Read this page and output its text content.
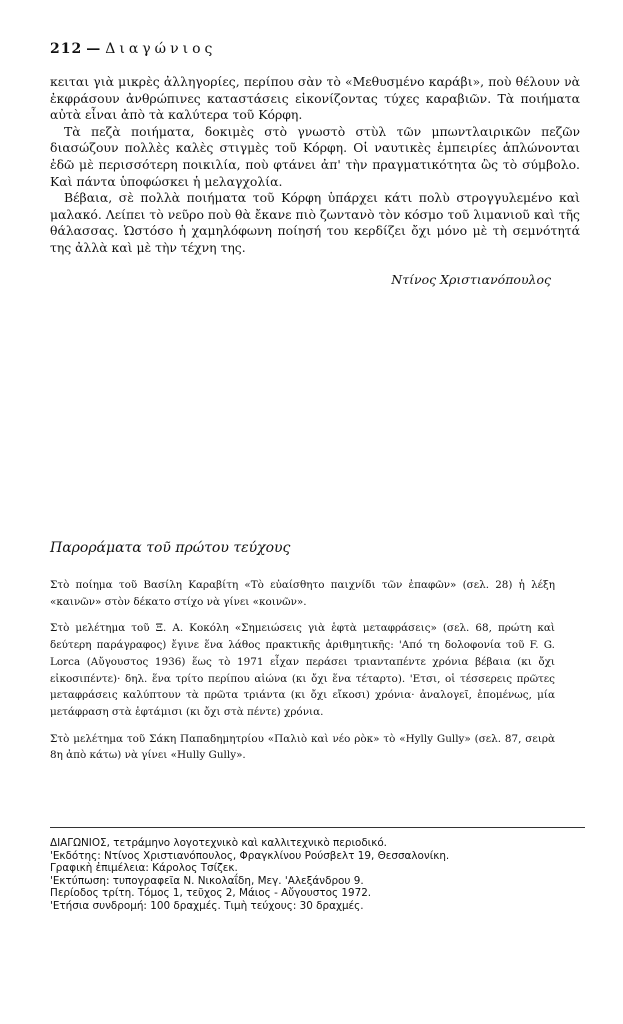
212 — Διαγώνιος

κειται γιὰ μικρὲς ἀλληγορίες, περίπου σὰν τὸ «Μεθυσμένο καράβι», ποὺ θέλουν νὰ ἐκφράσουν ἀνθρώπινες καταστάσεις εἰκονίζοντας τύχες καραβιῶν. Τὰ ποιήματα αὐτὰ εἶναι ἀπὸ τὰ καλύτερα τοῦ Κόρφη.

Τὰ πεζὰ ποιήματα, δοκιμὲς στὸ γνωστὸ στὺλ τῶν μπωντλαιρικῶν πεζῶν διασώζουν πολλὲς καλὲς στιγμὲς τοῦ Κόρφη. Οἱ ναυτικὲς ἐμπειρίες ἁπλώνονται ἐδῶ μὲ περισσότερη ποικιλία, ποὺ φτάνει ἀπ' τὴν πραγματικότητα ὣς τὸ σύμβολο. Καὶ πάντα ὑποφώσκει ἡ μελαγχολία.

Βέβαια, σὲ πολλὰ ποιήματα τοῦ Κόρφη ὑπάρχει κάτι πολὺ στρογγυλεμένο καὶ μαλακό. Λείπει τὸ νεῦρο ποὺ θὰ ἔκανε πιὸ ζωντανὸ τὸν κόσμο τοῦ λιμανιοῦ καὶ τῆς θάλασσας. Ὡστόσο ἡ χαμηλόφωνη ποίησή του κερδίζει ὄχι μόνο μὲ τὴ σεμνότητά της ἀλλὰ καὶ μὲ τὴν τέχνη της.

Ντίνος Χριστιανόπουλος
Παροράματα τοῦ πρώτου τεύχους

Στὸ ποίημα τοῦ Βασίλη Καραβίτη «Τὸ εὐαίσθητο παιχνίδι τῶν ἐπαφῶν» (σελ. 28) ἡ λέξη «καινῶν» στὸν δέκατο στίχο νὰ γίνει «κοινῶν».

Στὸ μελέτημα τοῦ Ξ. Α. Κοκόλη «Σημειώσεις γιὰ ἑφτὰ μεταφράσεις» (σελ. 68, πρώτη καὶ δεύτερη παράγραφος) ἔγινε ἕνα λάθος πρακτικῆς ἀριθμητικῆς: 'Από τη δολοφονία τοῦ F. G. Lorca (Αὔγουστος 1936) ἕως τὸ 1971 εἶχαν περάσει τριανταπέντε χρόνια βέβαια (κι ὄχι εἰκοσιπέντε)· δηλ. ἕνα τρίτο περίπου αἰώνα (κι ὄχι ἕνα τέταρτο). 'Ετσι, οἱ τέσσερεις πρῶτες μεταφράσεις καλύπτουν τὰ πρῶτα τριάντα (κι ὄχι εἴκοσι) χρόνια· ἀναλογεῖ, ἑπομένως, μία μετάφραση στὰ ἑφτάμισι (κι ὄχι στὰ πέντε) χρόνια.

Στὸ μελέτημα τοῦ Σάκη Παπαδημητρίου «Παλιὸ καὶ νέο ρὸκ» τὸ «Hylly Gully» (σελ. 87, σειρὰ 8η ἀπὸ κάτω) νὰ γίνει «Hully Gully».

ΔΙΑΓΩΝΙΟΣ, τετράμηνο λογοτεχνικὸ καὶ καλλιτεχνικὸ περιοδικό.
'Εκδότης: Ντίνος Χριστιανόπουλος, Φραγκλίνου Ρούσβελτ 19, Θεσσαλονίκη.
Γραφικὴ ἐπιμέλεια: Κάρολος Τσίζεκ.
'Εκτύπωση: τυπογραφεῖα Ν. Νικολαΐδη, Μεγ. 'Αλεξάνδρου 9.
Περίοδος τρίτη. Τόμος 1, τεῦχος 2, Μάιος - Αὔγουστος 1972.
'Ετήσια συνδρομή: 100 δραχμές. Τιμὴ τεύχους: 30 δραχμές.
